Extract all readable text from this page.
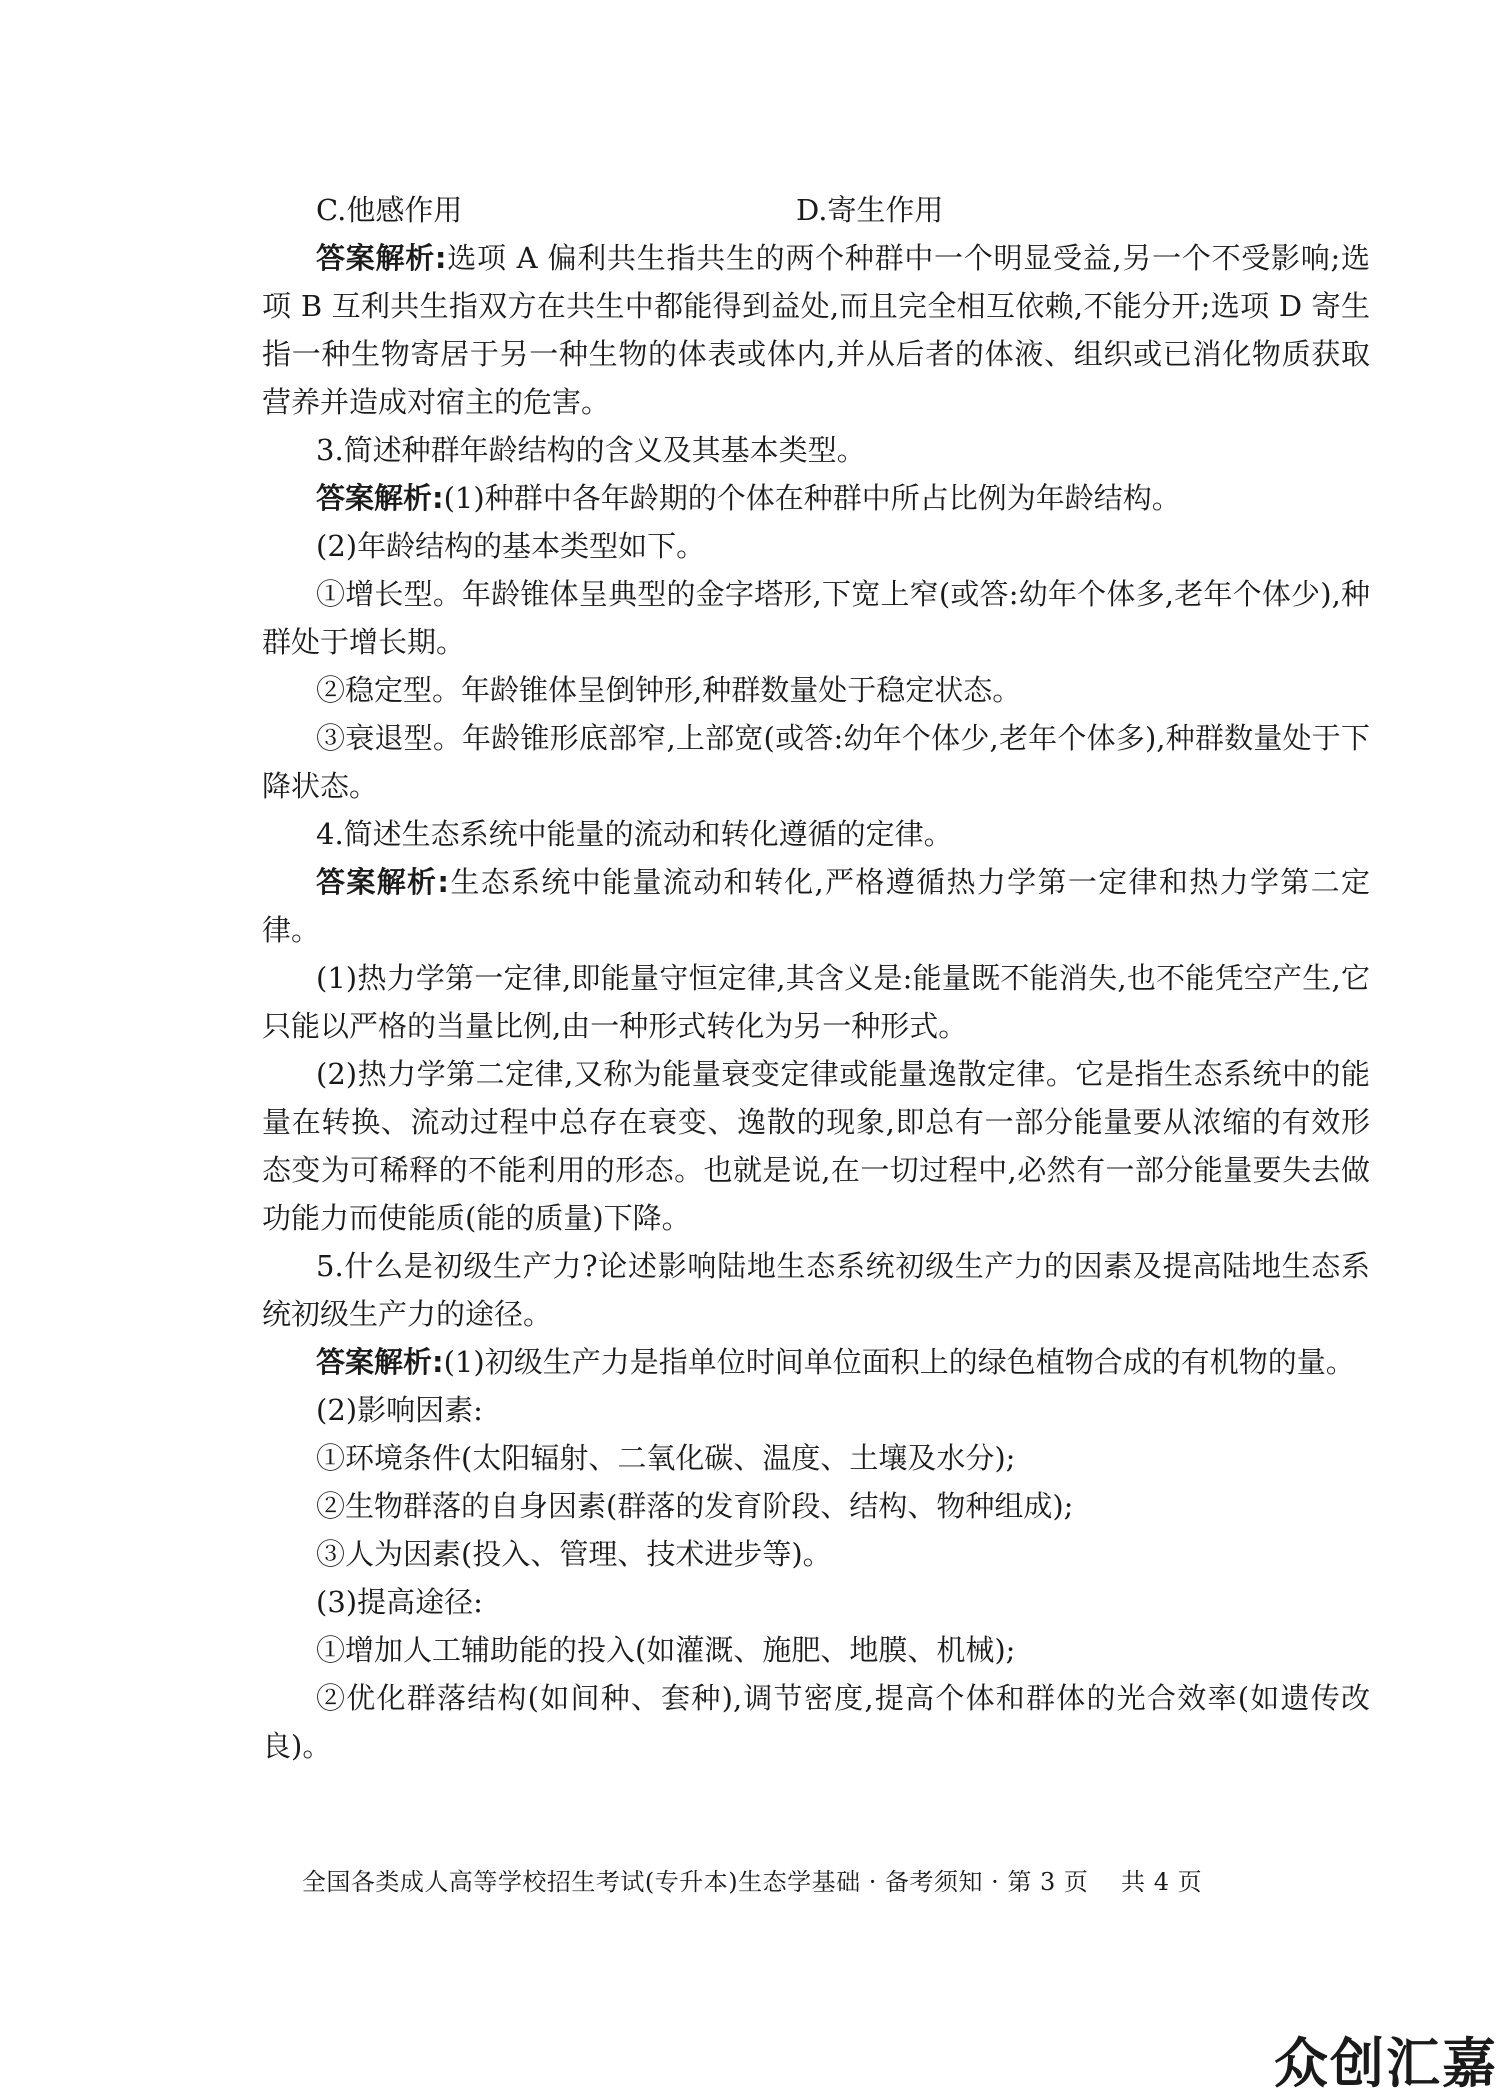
C.他感作用	D.寄生作用

答案解析:选项 A 偏利共生指共生的两个种群中一个明显受益,另一个不受影响;选项 B 互利共生指双方在共生中都能得到益处,而且完全相互依赖,不能分开;选项 D 寄生指一种生物寄居于另一种生物的体表或体内,并从后者的体液、组织或已消化物质获取营养并造成对宿主的危害。

3.简述种群年龄结构的含义及其基本类型。

答案解析:(1)种群中各年龄期的个体在种群中所占比例为年龄结构。

(2)年龄结构的基本类型如下。

①增长型。年龄锥体呈典型的金字塔形,下宽上窄(或答:幼年个体多,老年个体少),种群处于增长期。

②稳定型。年龄锥体呈倒钟形,种群数量处于稳定状态。

③衰退型。年龄锥形底部窄,上部宽(或答:幼年个体少,老年个体多),种群数量处于下降状态。

4.简述生态系统中能量的流动和转化遵循的定律。

答案解析:生态系统中能量流动和转化,严格遵循热力学第一定律和热力学第二定律。

(1)热力学第一定律,即能量守恒定律,其含义是:能量既不能消失,也不能凭空产生,它只能以严格的当量比例,由一种形式转化为另一种形式。

(2)热力学第二定律,又称为能量衰变定律或能量逸散定律。它是指生态系统中的能量在转换、流动过程中总存在衰变、逸散的现象,即总有一部分能量要从浓缩的有效形态变为可稀释的不能利用的形态。也就是说,在一切过程中,必然有一部分能量要失去做功能力而使能质(能的质量)下降。

5.什么是初级生产力?论述影响陆地生态系统初级生产力的因素及提高陆地生态系统初级生产力的途径。

答案解析:(1)初级生产力是指单位时间单位面积上的绿色植物合成的有机物的量。

(2)影响因素:

①环境条件(太阳辐射、二氧化碳、温度、土壤及水分);

②生物群落的自身因素(群落的发育阶段、结构、物种组成);

③人为因素(投入、管理、技术进步等)。

(3)提高途径:

①增加人工辅助能的投入(如灌溉、施肥、地膜、机械);

②优化群落结构(如间种、套种),调节密度,提高个体和群体的光合效率(如遗传改良)。

全国各类成人高等学校招生考试(专升本)生态学基础 · 备考须知 · 第 3 页　 共 4 页
众创汇嘉
